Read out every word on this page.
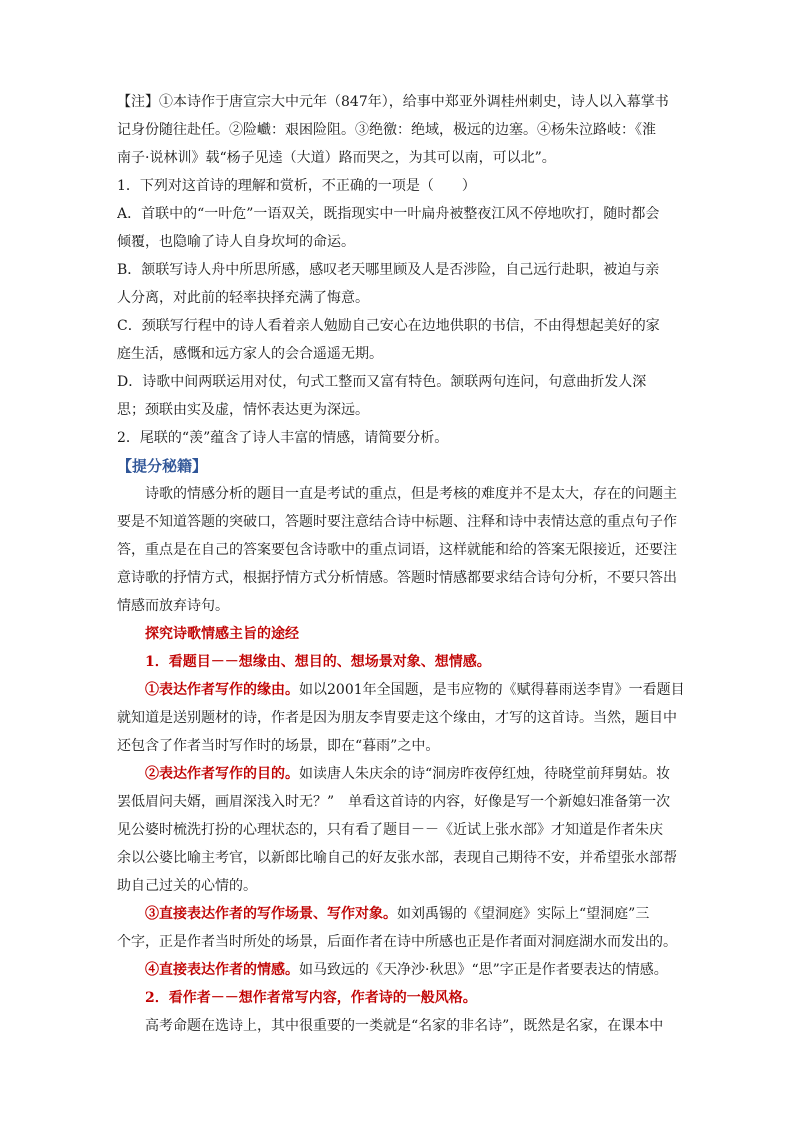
【注】①本诗作于唐宣宗大中元年（847年），给事中郑亚外调桂州刺史，诗人以入幕掌书
记身份随往赴任。②险巇：艰困险阻。③绝徼：绝域，极远的边塞。④杨朱泣路岐：《淮
南子·说林训》载“杨子见逵（大道）路而哭之，为其可以南，可以北”。
1．下列对这首诗的理解和赏析，不正确的一项是（　　）
A．首联中的“一叶危”一语双关，既指现实中一叶扁舟被整夜江风不停地吹打，随时都会
倾覆，也隐喻了诗人自身坎坷的命运。
B．颔联写诗人舟中所思所感，感叹老天哪里顾及人是否涉险，自己远行赴职，被迫与亲
人分离，对此前的轻率抉择充满了悔意。
C．颈联写行程中的诗人看着亲人勉励自己安心在边地供职的书信，不由得想起美好的家
庭生活，感慨和远方家人的会合遥遥无期。
D．诗歌中间两联运用对仗，句式工整而又富有特色。颔联两句连问，句意曲折发人深
思；颈联由实及虚，情怀表达更为深远。
2．尾联的“羡”蕴含了诗人丰富的情感，请简要分析。
【提分秘籍】
诗歌的情感分析的题目一直是考试的重点，但是考核的难度并不是太大，存在的问题主
要是不知道答题的突破口，答题时要注意结合诗中标题、注释和诗中表情达意的重点句子作
答，重点是在自己的答案要包含诗歌中的重点词语，这样就能和给的答案无限接近，还要注
意诗歌的抒情方式，根据抒情方式分析情感。答题时情感都要求结合诗句分析，不要只答出
情感而放弃诗句。
探究诗歌情感主旨的途经
1．看题目－－想缘由、想目的、想场景对象、想情感。
①表达作者写作的缘由。如以2001年全国题，是韦应物的《赋得暮雨送李胄》一看题目
就知道是送别题材的诗，作者是因为朋友李胄要走这个缘由，才写的这首诗。当然，题目中
还包含了作者当时写作时的场景，即在“暮雨”之中。
②表达作者写作的目的。如读唐人朱庆余的诗“洞房昨夜停红烛，待晓堂前拜舅姑。妆
罢低眉问夫婿，画眉深浅入时无？”　单看这首诗的内容，好像是写一个新媳妇准备第一次
见公婆时梳洗打扮的心理状态的，只有看了题目－－《近试上张水部》才知道是作者朱庆
余以公婆比喻主考官，以新郎比喻自己的好友张水部，表现自己期待不安，并希望张水部帮
助自己过关的心情的。
③直接表达作者的写作场景、写作对象。如刘禹锡的《望洞庭》实际上“望洞庭”三
个字，正是作者当时所处的场景，后面作者在诗中所感也正是作者面对洞庭湖水而发出的。
④直接表达作者的情感。如马致远的《天净沙·秋思》“思”字正是作者要表达的情感。
2．看作者－－想作者常写内容，作者诗的一般风格。
高考命题在选诗上，其中很重要的一类就是“名家的非名诗”，既然是名家，在课本中
